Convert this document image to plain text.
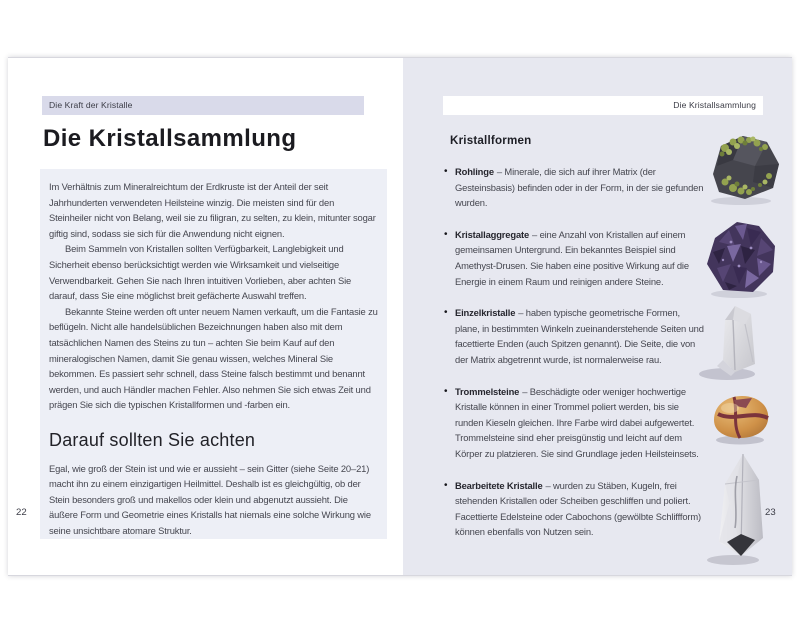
Die Kraft der Kristalle
Die Kristallsammlung

Im Verhältnis zum Mineralreichtum der Erdkruste ist der Anteil der seit Jahrhunderten verwendeten Heilsteine winzig. Die meisten sind für den Steinheiler nicht von Belang, weil sie zu filigran, zu selten, zu klein, mitunter sogar giftig sind, sodass sie sich für die Anwendung nicht eignen.

Beim Sammeln von Kristallen sollten Verfügbarkeit, Langlebigkeit und Sicherheit ebenso berücksichtigt werden wie Wirksamkeit und vielseitige Verwendbarkeit. Gehen Sie nach Ihren intuitiven Vorlieben, aber achten Sie darauf, dass Sie eine möglichst breit gefächerte Auswahl treffen.

Bekannte Steine werden oft unter neuem Namen verkauft, um die Fantasie zu beflügeln. Nicht alle handelsüblichen Bezeichnungen haben also mit dem tatsächlichen Namen des Steins zu tun – achten Sie beim Kauf auf den mineralogischen Namen, damit Sie genau wissen, welches Mineral Sie bekommen. Es passiert sehr schnell, dass Steine falsch bestimmt und benannt werden, und auch Händler machen Fehler. Also nehmen Sie sich etwas Zeit und prägen Sie sich die typischen Kristallformen und -farben ein.

Darauf sollten Sie achten

Egal, wie groß der Stein ist und wie er aussieht – sein Gitter (siehe Seite 20–21) macht ihn zu einem einzigartigen Heilmittel. Deshalb ist es gleichgültig, ob der Stein besonders groß und makellos oder klein und abgenutzt aussieht. Die äußere Form und Geometrie eines Kristalls hat niemals eine solche Wirkung wie seine unsichtbare atomare Struktur.

22
Die Kristallsammlung
Kristallformen
Rohlinge – Minerale, die sich auf ihrer Matrix (der Gesteinsbasis) befinden oder in der Form, in der sie gefunden wurden.
Kristallaggregate – eine Anzahl von Kristallen auf einem gemeinsamen Untergrund. Ein bekanntes Beispiel sind Amethyst-Drusen. Sie haben eine positive Wirkung auf die Energie in einem Raum und reinigen andere Steine.
Einzelkristalle – haben typische geometrische Formen, plane, in bestimmten Winkeln zueinanderstehende Seiten und facettierte Enden (auch Spitzen genannt). Die Seite, die von der Matrix abgetrennt wurde, ist normalerweise rau.
Trommelsteine – Beschädigte oder weniger hochwertige Kristalle können in einer Trommel poliert werden, bis sie runden Kieseln gleichen. Ihre Farbe wird dabei aufgewertet. Trommelsteine sind eher preisgünstig und leicht auf dem Körper zu platzieren. Sie sind Grundlage jeden Heilsteinsets.
Bearbeitete Kristalle – wurden zu Stäben, Kugeln, frei stehenden Kristallen oder Scheiben geschliffen und poliert. Facettierte Edelsteine oder Cabochons (gewölbte Schliffform) können ebenfalls von Nutzen sein.
23
